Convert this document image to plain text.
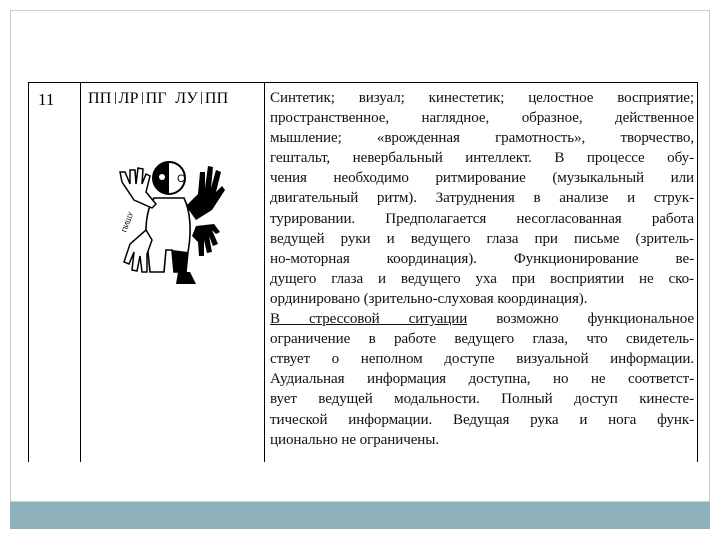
11	ПП ЛР ПГ ЛУ ПП
С
ПИШУ
Синтетик; визуал; кинестетик; целостное восприятие;
пространственное, наглядное, образное, действенное
мышление; «врожденная грамотность», творчество,
гештальт, невербальный интеллект. В процессе обу-
чения необходимо ритмирование (музыкальный или
двигательный ритм). Затруднения в анализе и струк-
турировании. Предполагается несогласованная работа
ведущей руки и ведущего глаза при письме (зритель-
но-моторная координация). Функционирование ве-
дущего глаза и ведущего уха при восприятии не ско-
ординировано (зрительно-слуховая координация).
В стрессовой ситуации возможно функциональное
ограничение в работе ведущего глаза, что свидетель-
ствует о неполном доступе визуальной информации.
Аудиальная информация доступна, но не соответст-
вует ведущей модальности. Полный доступ кинесте-
тической информации. Ведущая рука и нога функ-
ционально не ограничены.
